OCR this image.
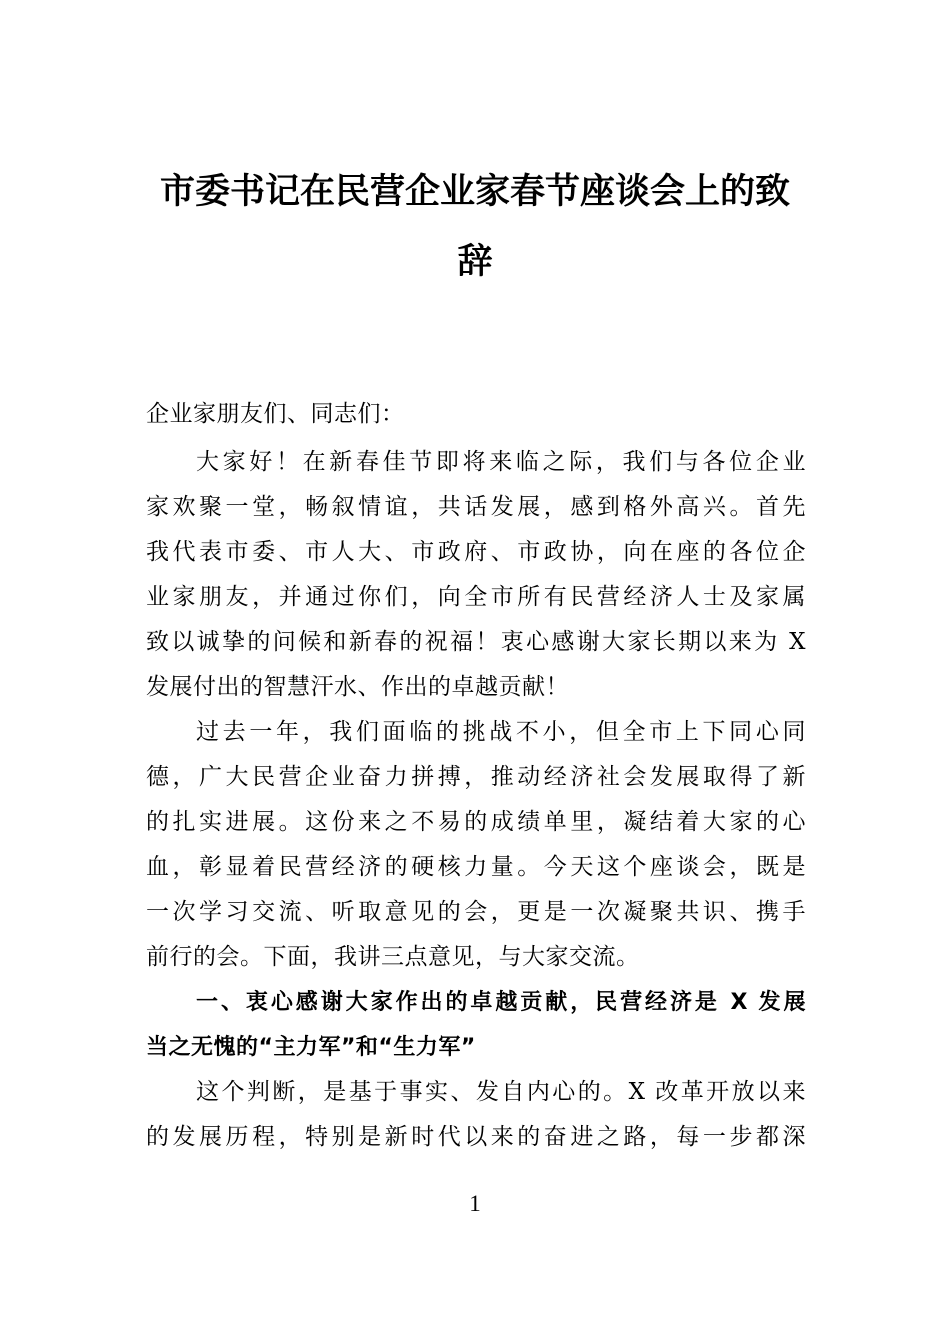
市委书记在民营企业家春节座谈会上的致
辞

企业家朋友们、同志们：

大家好！在新春佳节即将来临之际，我们与各位企业

家欢聚一堂，畅叙情谊，共话发展，感到格外高兴。首先

我代表市委、市人大、市政府、市政协，向在座的各位企

业家朋友，并通过你们，向全市所有民营经济人士及家属

致以诚挚的问候和新春的祝福！衷心感谢大家长期以来为 X

发展付出的智慧汗水、作出的卓越贡献！

过去一年，我们面临的挑战不小，但全市上下同心同

德，广大民营企业奋力拼搏，推动经济社会发展取得了新

的扎实进展。这份来之不易的成绩单里，凝结着大家的心

血，彰显着民营经济的硬核力量。今天这个座谈会，既是

一次学习交流、听取意见的会，更是一次凝聚共识、携手

前行的会。下面，我讲三点意见，与大家交流。

一、衷心感谢大家作出的卓越贡献，民营经济是 X 发展

当之无愧的“主力军”和“生力军”

这个判断，是基于事实、发自内心的。X 改革开放以来

的发展历程，特别是新时代以来的奋进之路，每一步都深

1
